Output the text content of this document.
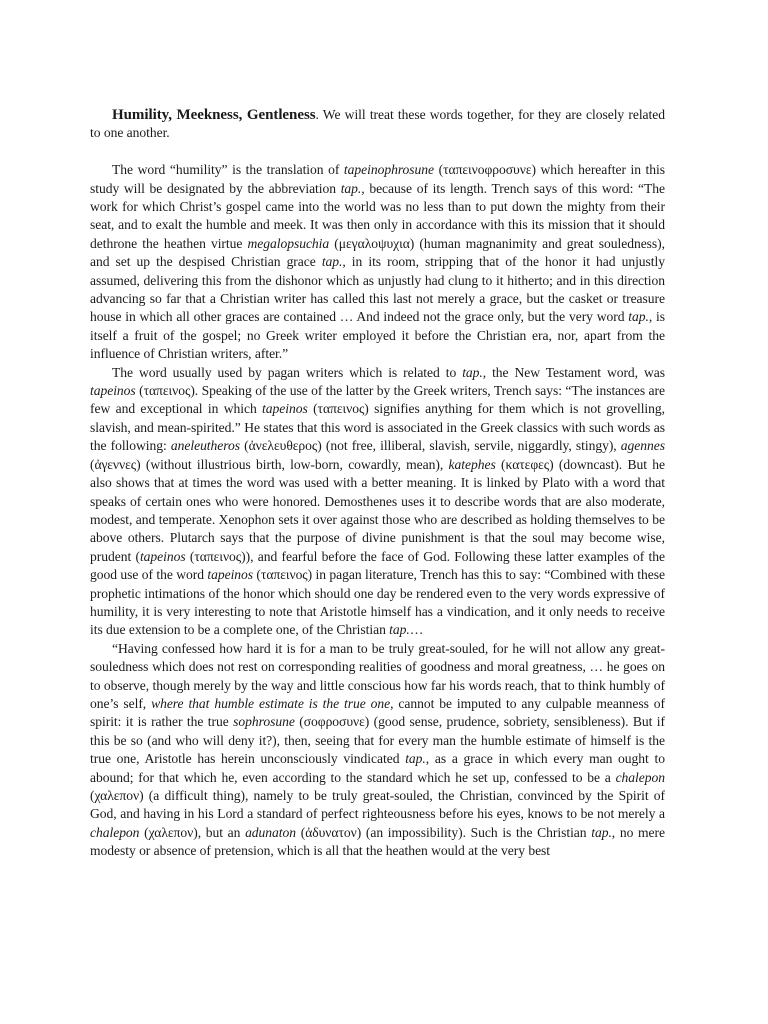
Humility, Meekness, Gentleness. We will treat these words together, for they are closely related to one another.

The word “humility” is the translation of tapeinophrosune (ταπεινοφροσυνε) which hereafter in this study will be designated by the abbreviation tap., because of its length. Trench says of this word: “The work for which Christ’s gospel came into the world was no less than to put down the mighty from their seat, and to exalt the humble and meek. It was then only in accordance with this its mission that it should dethrone the heathen virtue megalopsuchia (μεγαλοψυχια) (human magnanimity and great souledness), and set up the despised Christian grace tap., in its room, stripping that of the honor it had unjustly assumed, delivering this from the dishonor which as unjustly had clung to it hitherto; and in this direction advancing so far that a Christian writer has called this last not merely a grace, but the casket or treasure house in which all other graces are contained … And indeed not the grace only, but the very word tap., is itself a fruit of the gospel; no Greek writer employed it before the Christian era, nor, apart from the influence of Christian writers, after.”

The word usually used by pagan writers which is related to tap., the New Testament word, was tapeinos (ταπεινος). Speaking of the use of the latter by the Greek writers, Trench says: “The instances are few and exceptional in which tapeinos (ταπεινος) signifies anything for them which is not grovelling, slavish, and mean-spirited.” He states that this word is associated in the Greek classics with such words as the following: aneleutheros (ἀνελευθερος) (not free, illiberal, slavish, servile, niggardly, stingy), agennes (ἀγεννες) (without illustrious birth, low-born, cowardly, mean), katephes (κατεφες) (downcast). But he also shows that at times the word was used with a better meaning. It is linked by Plato with a word that speaks of certain ones who were honored. Demosthenes uses it to describe words that are also moderate, modest, and temperate. Xenophon sets it over against those who are described as holding themselves to be above others. Plutarch says that the purpose of divine punishment is that the soul may become wise, prudent (tapeinos (ταπεινος)), and fearful before the face of God. Following these latter examples of the good use of the word tapeinos (ταπεινος) in pagan literature, Trench has this to say: “Combined with these prophetic intimations of the honor which should one day be rendered even to the very words expressive of humility, it is very interesting to note that Aristotle himself has a vindication, and it only needs to receive its due extension to be a complete one, of the Christian tap.…

“Having confessed how hard it is for a man to be truly great-souled, for he will not allow any great-souledness which does not rest on corresponding realities of goodness and moral greatness, … he goes on to observe, though merely by the way and little conscious how far his words reach, that to think humbly of one’s self, where that humble estimate is the true one, cannot be imputed to any culpable meanness of spirit: it is rather the true sophrosune (σοφροσυνε) (good sense, prudence, sobriety, sensibleness). But if this be so (and who will deny it?), then, seeing that for every man the humble estimate of himself is the true one, Aristotle has herein unconsciously vindicated tap., as a grace in which every man ought to abound; for that which he, even according to the standard which he set up, confessed to be a chalepon (χαλεπον) (a difficult thing), namely to be truly great-souled, the Christian, convinced by the Spirit of God, and having in his Lord a standard of perfect righteousness before his eyes, knows to be not merely a chalepon (χαλεπον), but an adunaton (ἀδυνατον) (an impossibility). Such is the Christian tap., no mere modesty or absence of pretension, which is all that the heathen would at the very best
